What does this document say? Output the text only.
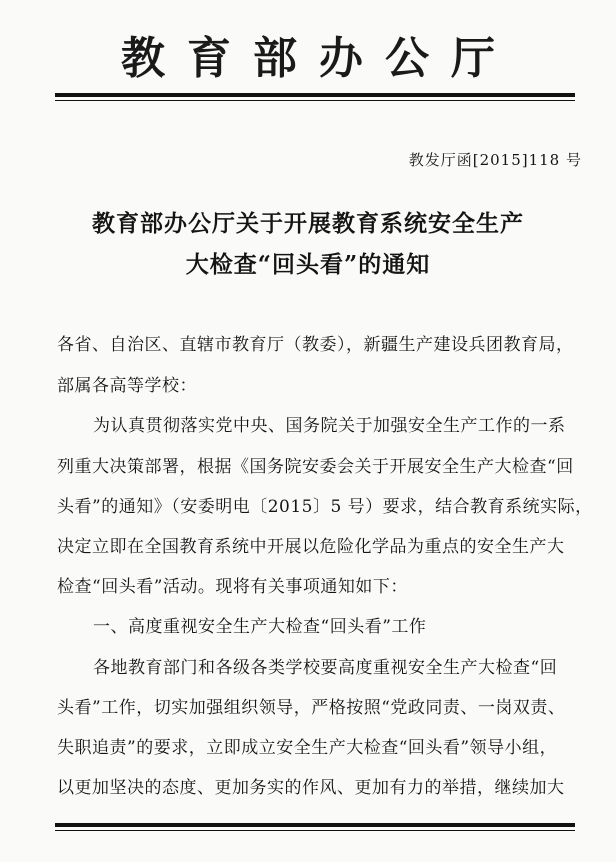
教育部办公厅
教发厅函[2015]118 号
教育部办公厅关于开展教育系统安全生产
大检查“回头看”的通知
各省、自治区、直辖市教育厅（教委），新疆生产建设兵团教育局，
部属各高等学校：
为认真贯彻落实党中央、国务院关于加强安全生产工作的一系
列重大决策部署，根据《国务院安委会关于开展安全生产大检查“回
头看”的通知》（安委明电〔2015〕5 号）要求，结合教育系统实际，
决定立即在全国教育系统中开展以危险化学品为重点的安全生产大
检查“回头看”活动。现将有关事项通知如下：
一、高度重视安全生产大检查“回头看”工作
各地教育部门和各级各类学校要高度重视安全生产大检查“回
头看”工作，切实加强组织领导，严格按照“党政同责、一岗双责、
失职追责”的要求，立即成立安全生产大检查“回头看”领导小组，
以更加坚决的态度、更加务实的作风、更加有力的举措，继续加大
